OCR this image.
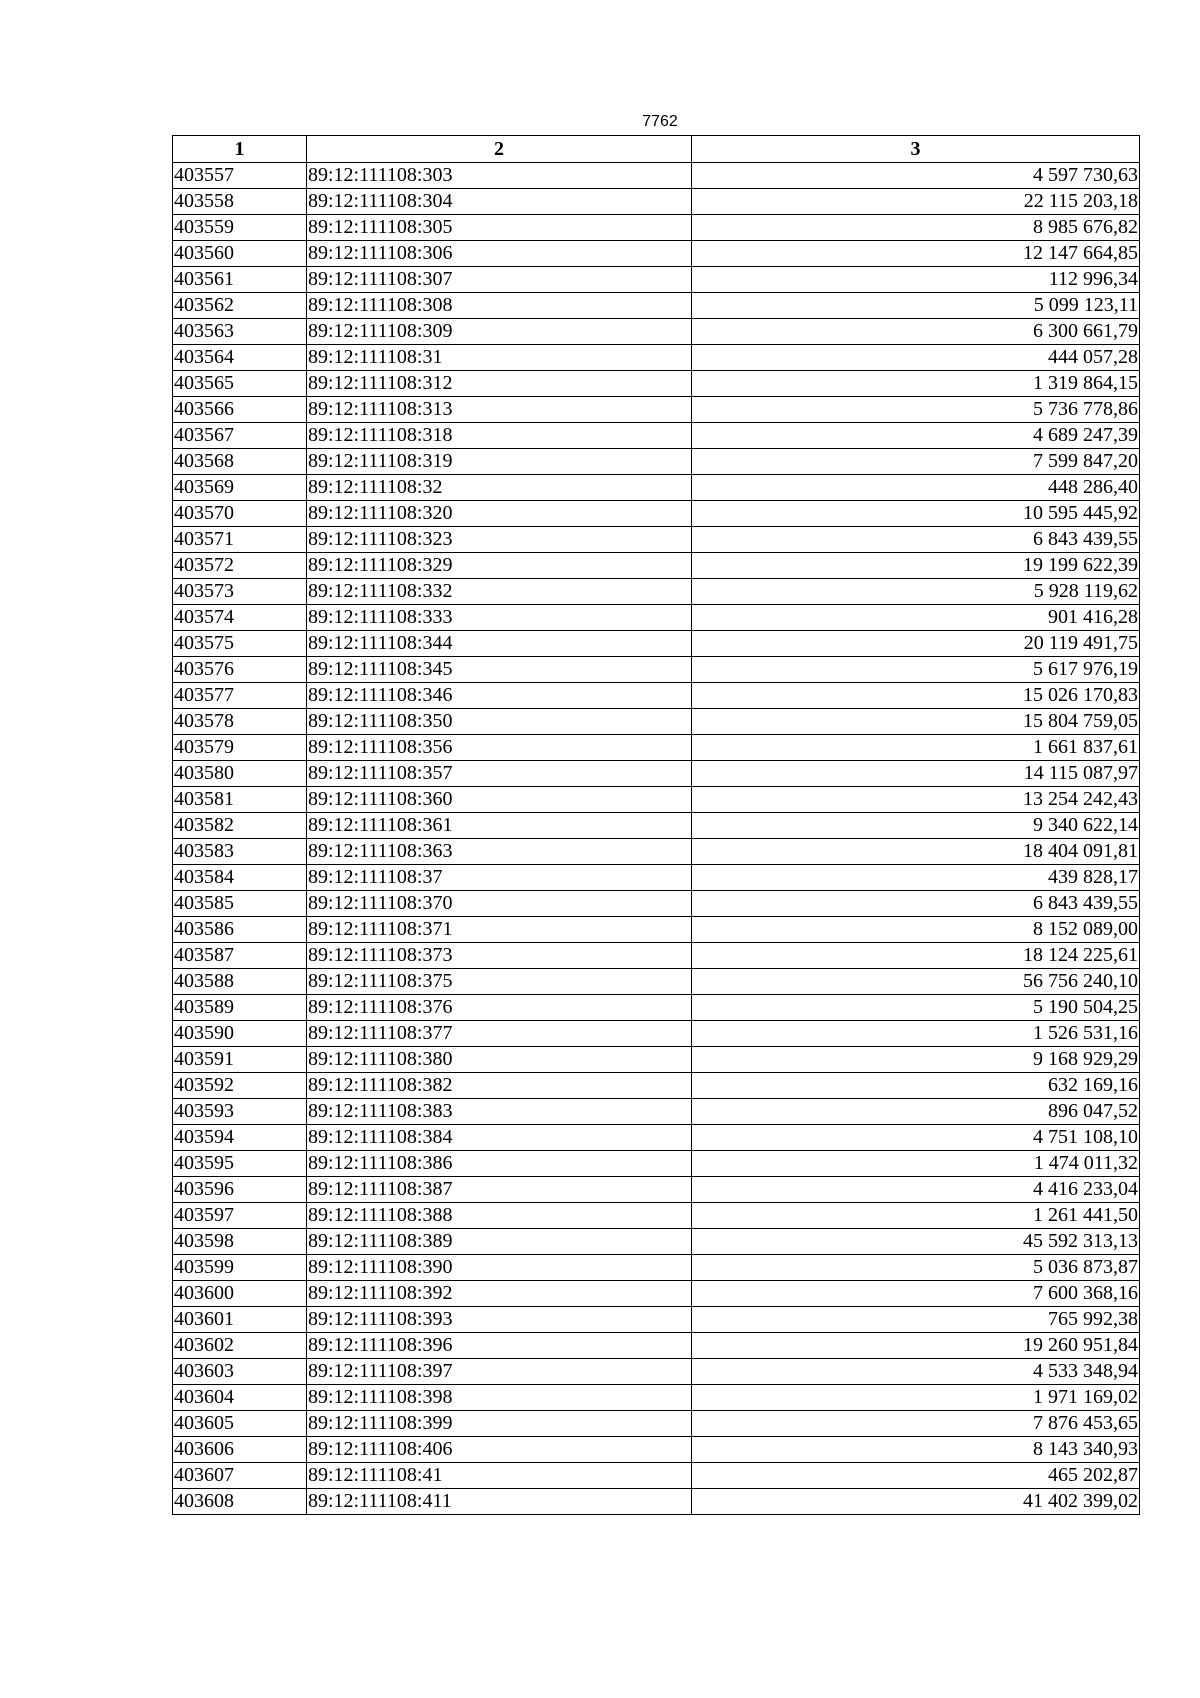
7762
1	2	3
403557	89:12:111108:303	4 597 730,63
403558	89:12:111108:304	22 115 203,18
403559	89:12:111108:305	8 985 676,82
403560	89:12:111108:306	12 147 664,85
403561	89:12:111108:307	112 996,34
403562	89:12:111108:308	5 099 123,11
403563	89:12:111108:309	6 300 661,79
403564	89:12:111108:31	444 057,28
403565	89:12:111108:312	1 319 864,15
403566	89:12:111108:313	5 736 778,86
403567	89:12:111108:318	4 689 247,39
403568	89:12:111108:319	7 599 847,20
403569	89:12:111108:32	448 286,40
403570	89:12:111108:320	10 595 445,92
403571	89:12:111108:323	6 843 439,55
403572	89:12:111108:329	19 199 622,39
403573	89:12:111108:332	5 928 119,62
403574	89:12:111108:333	901 416,28
403575	89:12:111108:344	20 119 491,75
403576	89:12:111108:345	5 617 976,19
403577	89:12:111108:346	15 026 170,83
403578	89:12:111108:350	15 804 759,05
403579	89:12:111108:356	1 661 837,61
403580	89:12:111108:357	14 115 087,97
403581	89:12:111108:360	13 254 242,43
403582	89:12:111108:361	9 340 622,14
403583	89:12:111108:363	18 404 091,81
403584	89:12:111108:37	439 828,17
403585	89:12:111108:370	6 843 439,55
403586	89:12:111108:371	8 152 089,00
403587	89:12:111108:373	18 124 225,61
403588	89:12:111108:375	56 756 240,10
403589	89:12:111108:376	5 190 504,25
403590	89:12:111108:377	1 526 531,16
403591	89:12:111108:380	9 168 929,29
403592	89:12:111108:382	632 169,16
403593	89:12:111108:383	896 047,52
403594	89:12:111108:384	4 751 108,10
403595	89:12:111108:386	1 474 011,32
403596	89:12:111108:387	4 416 233,04
403597	89:12:111108:388	1 261 441,50
403598	89:12:111108:389	45 592 313,13
403599	89:12:111108:390	5 036 873,87
403600	89:12:111108:392	7 600 368,16
403601	89:12:111108:393	765 992,38
403602	89:12:111108:396	19 260 951,84
403603	89:12:111108:397	4 533 348,94
403604	89:12:111108:398	1 971 169,02
403605	89:12:111108:399	7 876 453,65
403606	89:12:111108:406	8 143 340,93
403607	89:12:111108:41	465 202,87
403608	89:12:111108:411	41 402 399,02
